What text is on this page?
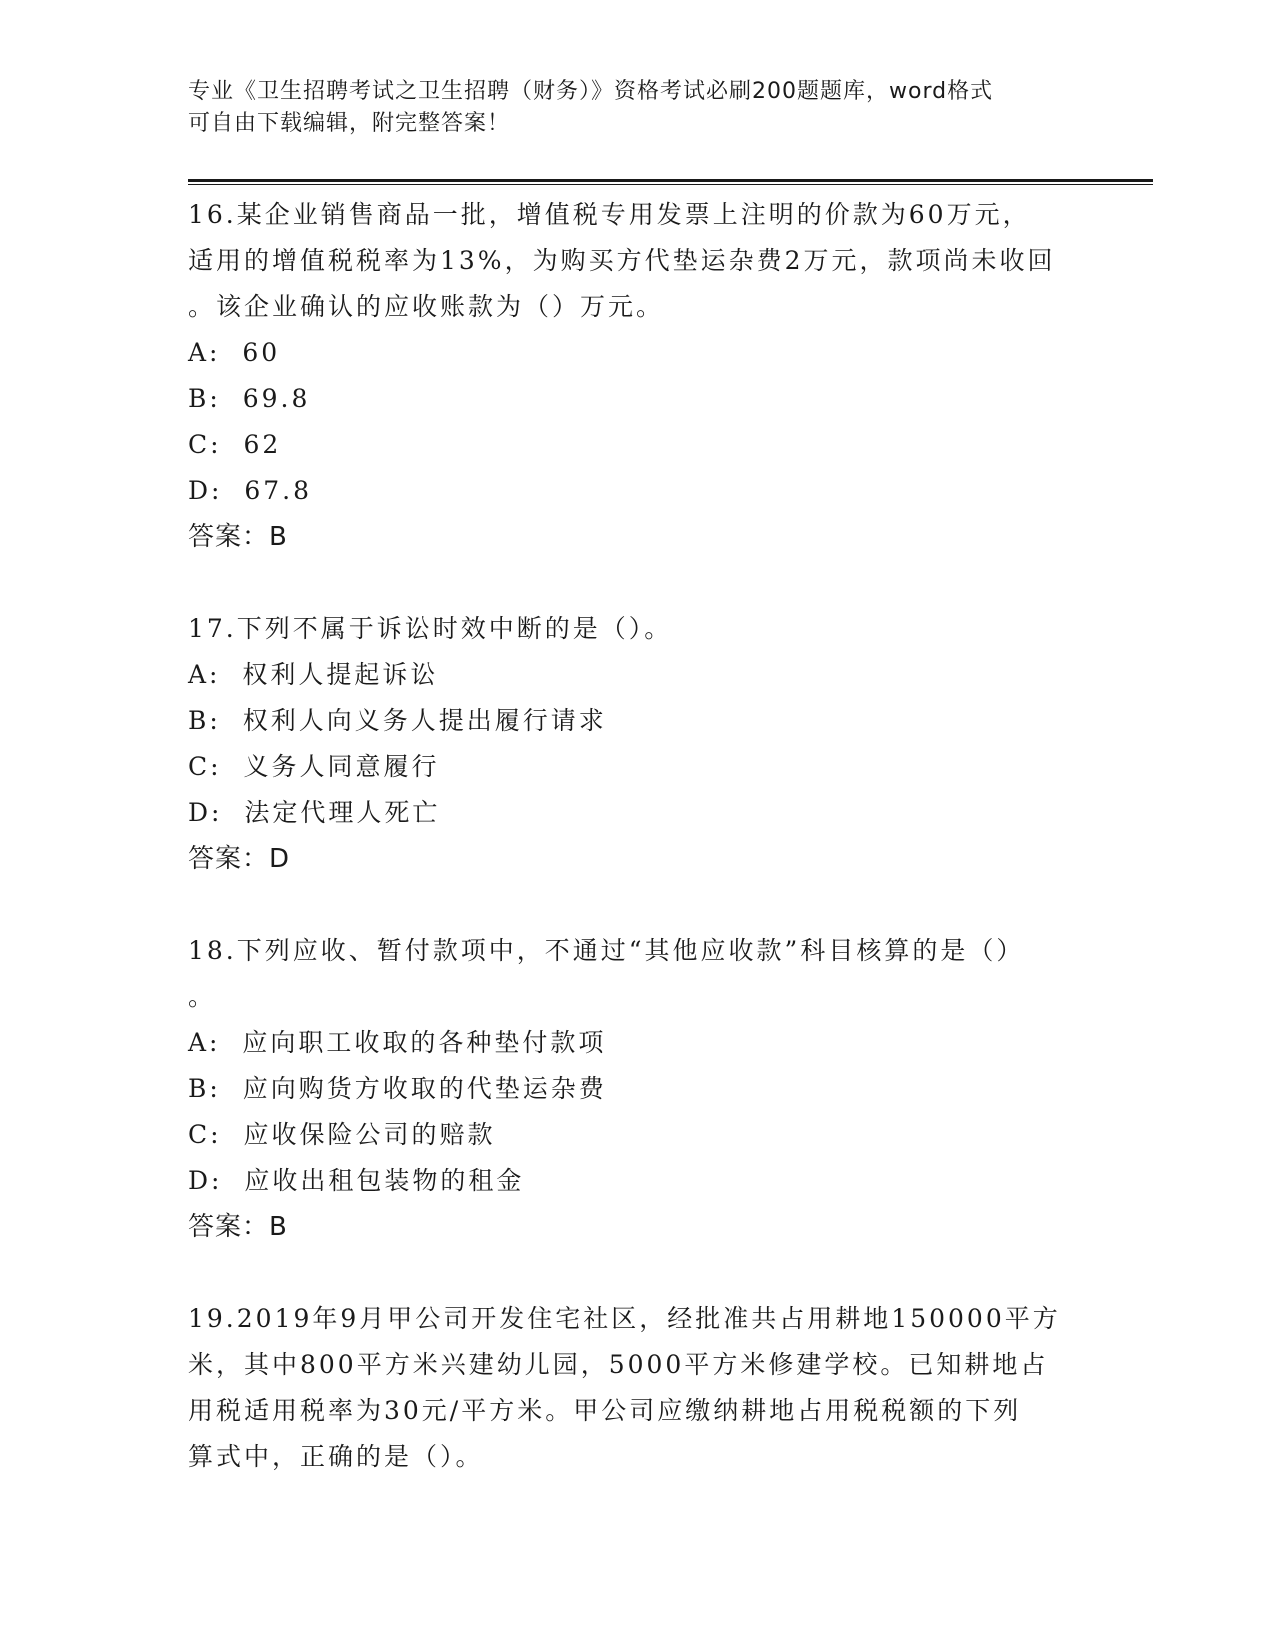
专业《卫生招聘考试之卫生招聘（财务）》资格考试必刷200题题库，word格式
可自由下载编辑，附完整答案！
16.某企业销售商品一批，增值税专用发票上注明的价款为60万元，
适用的增值税税率为13%，为购买方代垫运杂费2万元，款项尚未收回
。该企业确认的应收账款为（）万元。
A:  60
B:  69.8
C:  62
D:  67.8
答案：B
17.下列不属于诉讼时效中断的是（）。
A:  权利人提起诉讼
B:  权利人向义务人提出履行请求
C:  义务人同意履行
D:  法定代理人死亡
答案：D
18.下列应收、暂付款项中，不通过“其他应收款”科目核算的是（）
。
A:  应向职工收取的各种垫付款项
B:  应向购货方收取的代垫运杂费
C:  应收保险公司的赔款
D:  应收出租包装物的租金
答案：B
19.2019年9月甲公司开发住宅社区，经批准共占用耕地150000平方
米，其中800平方米兴建幼儿园，5000平方米修建学校。已知耕地占
用税适用税率为30元/平方米。甲公司应缴纳耕地占用税税额的下列
算式中，正确的是（）。
